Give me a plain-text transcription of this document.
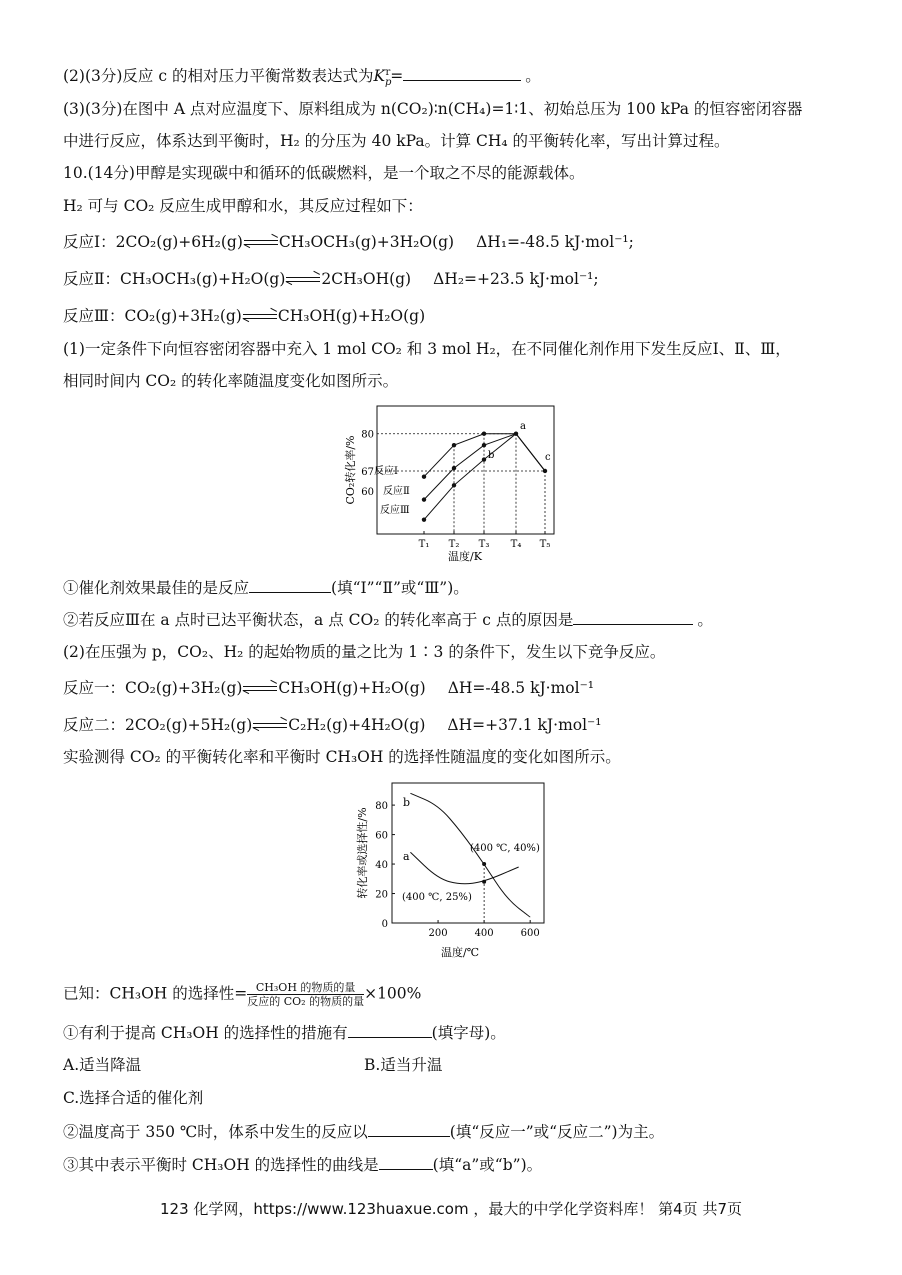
(2)(3分)反应 c 的相对压力平衡常数表达式为$K_p^r=$	。
(3)(3分)在图中 A 点对应温度下、原料组成为 n(CO₂)∶n(CH₄)=1∶1、初始总压为 100 kPa 的恒容密闭容器
中进行反应，体系达到平衡时，H₂ 的分压为 40 kPa。计算 CH₄ 的平衡转化率，写出计算过程。
10.(14分)甲醇是实现碳中和循环的低碳燃料，是一个取之不尽的能源载体。
H₂ 可与 CO₂ 反应生成甲醇和水，其反应过程如下：
反应Ⅰ：2CO₂(g)+6H₂(g) CH₃OCH₃(g)+3H₂O(g) ΔH₁=-48.5 kJ·mol⁻¹;
反应Ⅱ：CH₃OCH₃(g)+H₂O(g) 2CH₃OH(g) ΔH₂=+23.5 kJ·mol⁻¹;
反应Ⅲ：CO₂(g)+3H₂(g) CH₃OH(g)+H₂O(g)
(1)一定条件下向恒容密闭容器中充入 1 mol CO₂ 和 3 mol H₂，在不同催化剂作用下发生反应Ⅰ、Ⅱ、Ⅲ，
相同时间内 CO₂ 的转化率随温度变化如图所示。
CO₂转化率/%
温度/K
T₁ T₂ T₃ T₄ T₅
60
67
80
反应Ⅰ
反应Ⅱ
反应Ⅲ
a
b	c
①催化剂效果最佳的是反应	(填“Ⅰ”“Ⅱ”或“Ⅲ”)。
②若反应Ⅲ在 a 点时已达平衡状态，a 点 CO₂ 的转化率高于 c 点的原因是	。
(2)在压强为 p，CO₂、H₂ 的起始物质的量之比为 1∶3 的条件下，发生以下竞争反应。
反应一：CO₂(g)+3H₂(g) CH₃OH(g)+H₂O(g) ΔH=-48.5 kJ·mol⁻¹
反应二：2CO₂(g)+5H₂(g) C₂H₂(g)+4H₂O(g) ΔH=+37.1 kJ·mol⁻¹
实验测得 CO₂ 的平衡转化率和平衡时 CH₃OH 的选择性随温度的变化如图所示。
转化率或选择性/%
温度/℃
200	400	600
0
20
40
60
80 b
a
(400 ℃, 40%)
(400 ℃, 25%)
已知：CH₃OH 的选择性= $\frac{\text{CH₃OH 的物质的量}}{\text{反应的 CO₂ 的物质的量}} \times 100\%$
①有利于提高 CH₃OH 的选择性的措施有	(填字母)。
A.适当降温	B.适当升温
C.选择合适的催化剂
②温度高于 350 ℃时，体系中发生的反应以	(填“反应一”或“反应二”)为主。
③其中表示平衡时 CH₃OH 的选择性的曲线是	(填“a”或“b”)。
123 化学网，https://www.123huaxue.com ，最大的中学化学资料库！ 第4页 共7页
